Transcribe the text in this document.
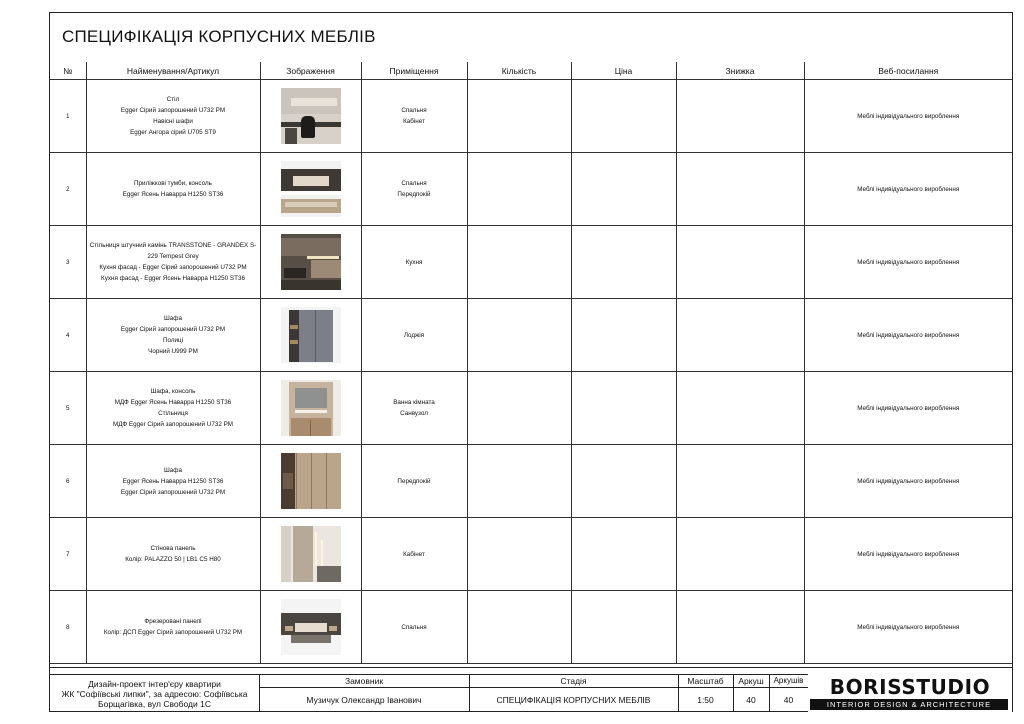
СПЕЦИФІКАЦІЯ КОРПУСНИХ МЕБЛІВ
№	Найменування/Артикул	Зображення	Приміщення	Кількість	Ціна	Знижка	Веб-посилання
1	Стіл
Egger Сірий запорошений U732 PM
Навісні шафи
Egger Ангора сірий U705 ST9		Спальня
Кабінет				Меблі індивідуального вироблення
2	Приліжкові тумби, консоль
Egger Ясень Наварра H1250 ST36		Спальня
Передпокій				Меблі індивідуального вироблення
3	Стільниця штучний камінь TRANSSTONE - GRANDEX S-229 Tempest Grey
Кухня фасад - Egger Сірий запорошений U732 PM
Кухня фасад - Egger Ясень Наварра H1250 ST36		Кухня				Меблі індивідуального вироблення
4	Шафа
Egger Сірий запорошений U732 PM
Полиці
Чорний U999 PM		Лоджія				Меблі індивідуального вироблення
5	Шафа, консоль
МДФ Egger Ясень Наварра H1250 ST36
Стільниця
МДФ Egger Сірий запорошений U732 PM		Ванна кімната
Санвузол				Меблі індивідуального вироблення
6	Шафа
Egger Ясень Наварра H1250 ST36
Egger Сірий запорошений U732 PM		Передпокій				Меблі індивідуального вироблення
7	Стінова панель
Колір: PALAZZO 50 | LB1 C5 H80		Кабінет				Меблі індивідуального вироблення
8	Фрезеровані панелі
Колір: ДСП Egger Сірий запорошений U732 PM		Спальня				Меблі індивідуального вироблення
Дизайн-проект інтер'єру квартири
ЖК "Софіївські липки", за адресою: Софіївська
Борщагівка, вул Свободи 1С
Замовник
Музичук Олександр Іванович
Стадія
СПЕЦИФІКАЦІЯ КОРПУСНИХ МЕБЛІВ
Масштаб
1:50
Аркуш
40
Аркушів
40
BORISSTUDIO
INTERIOR DESIGN & ARCHITECTURE
